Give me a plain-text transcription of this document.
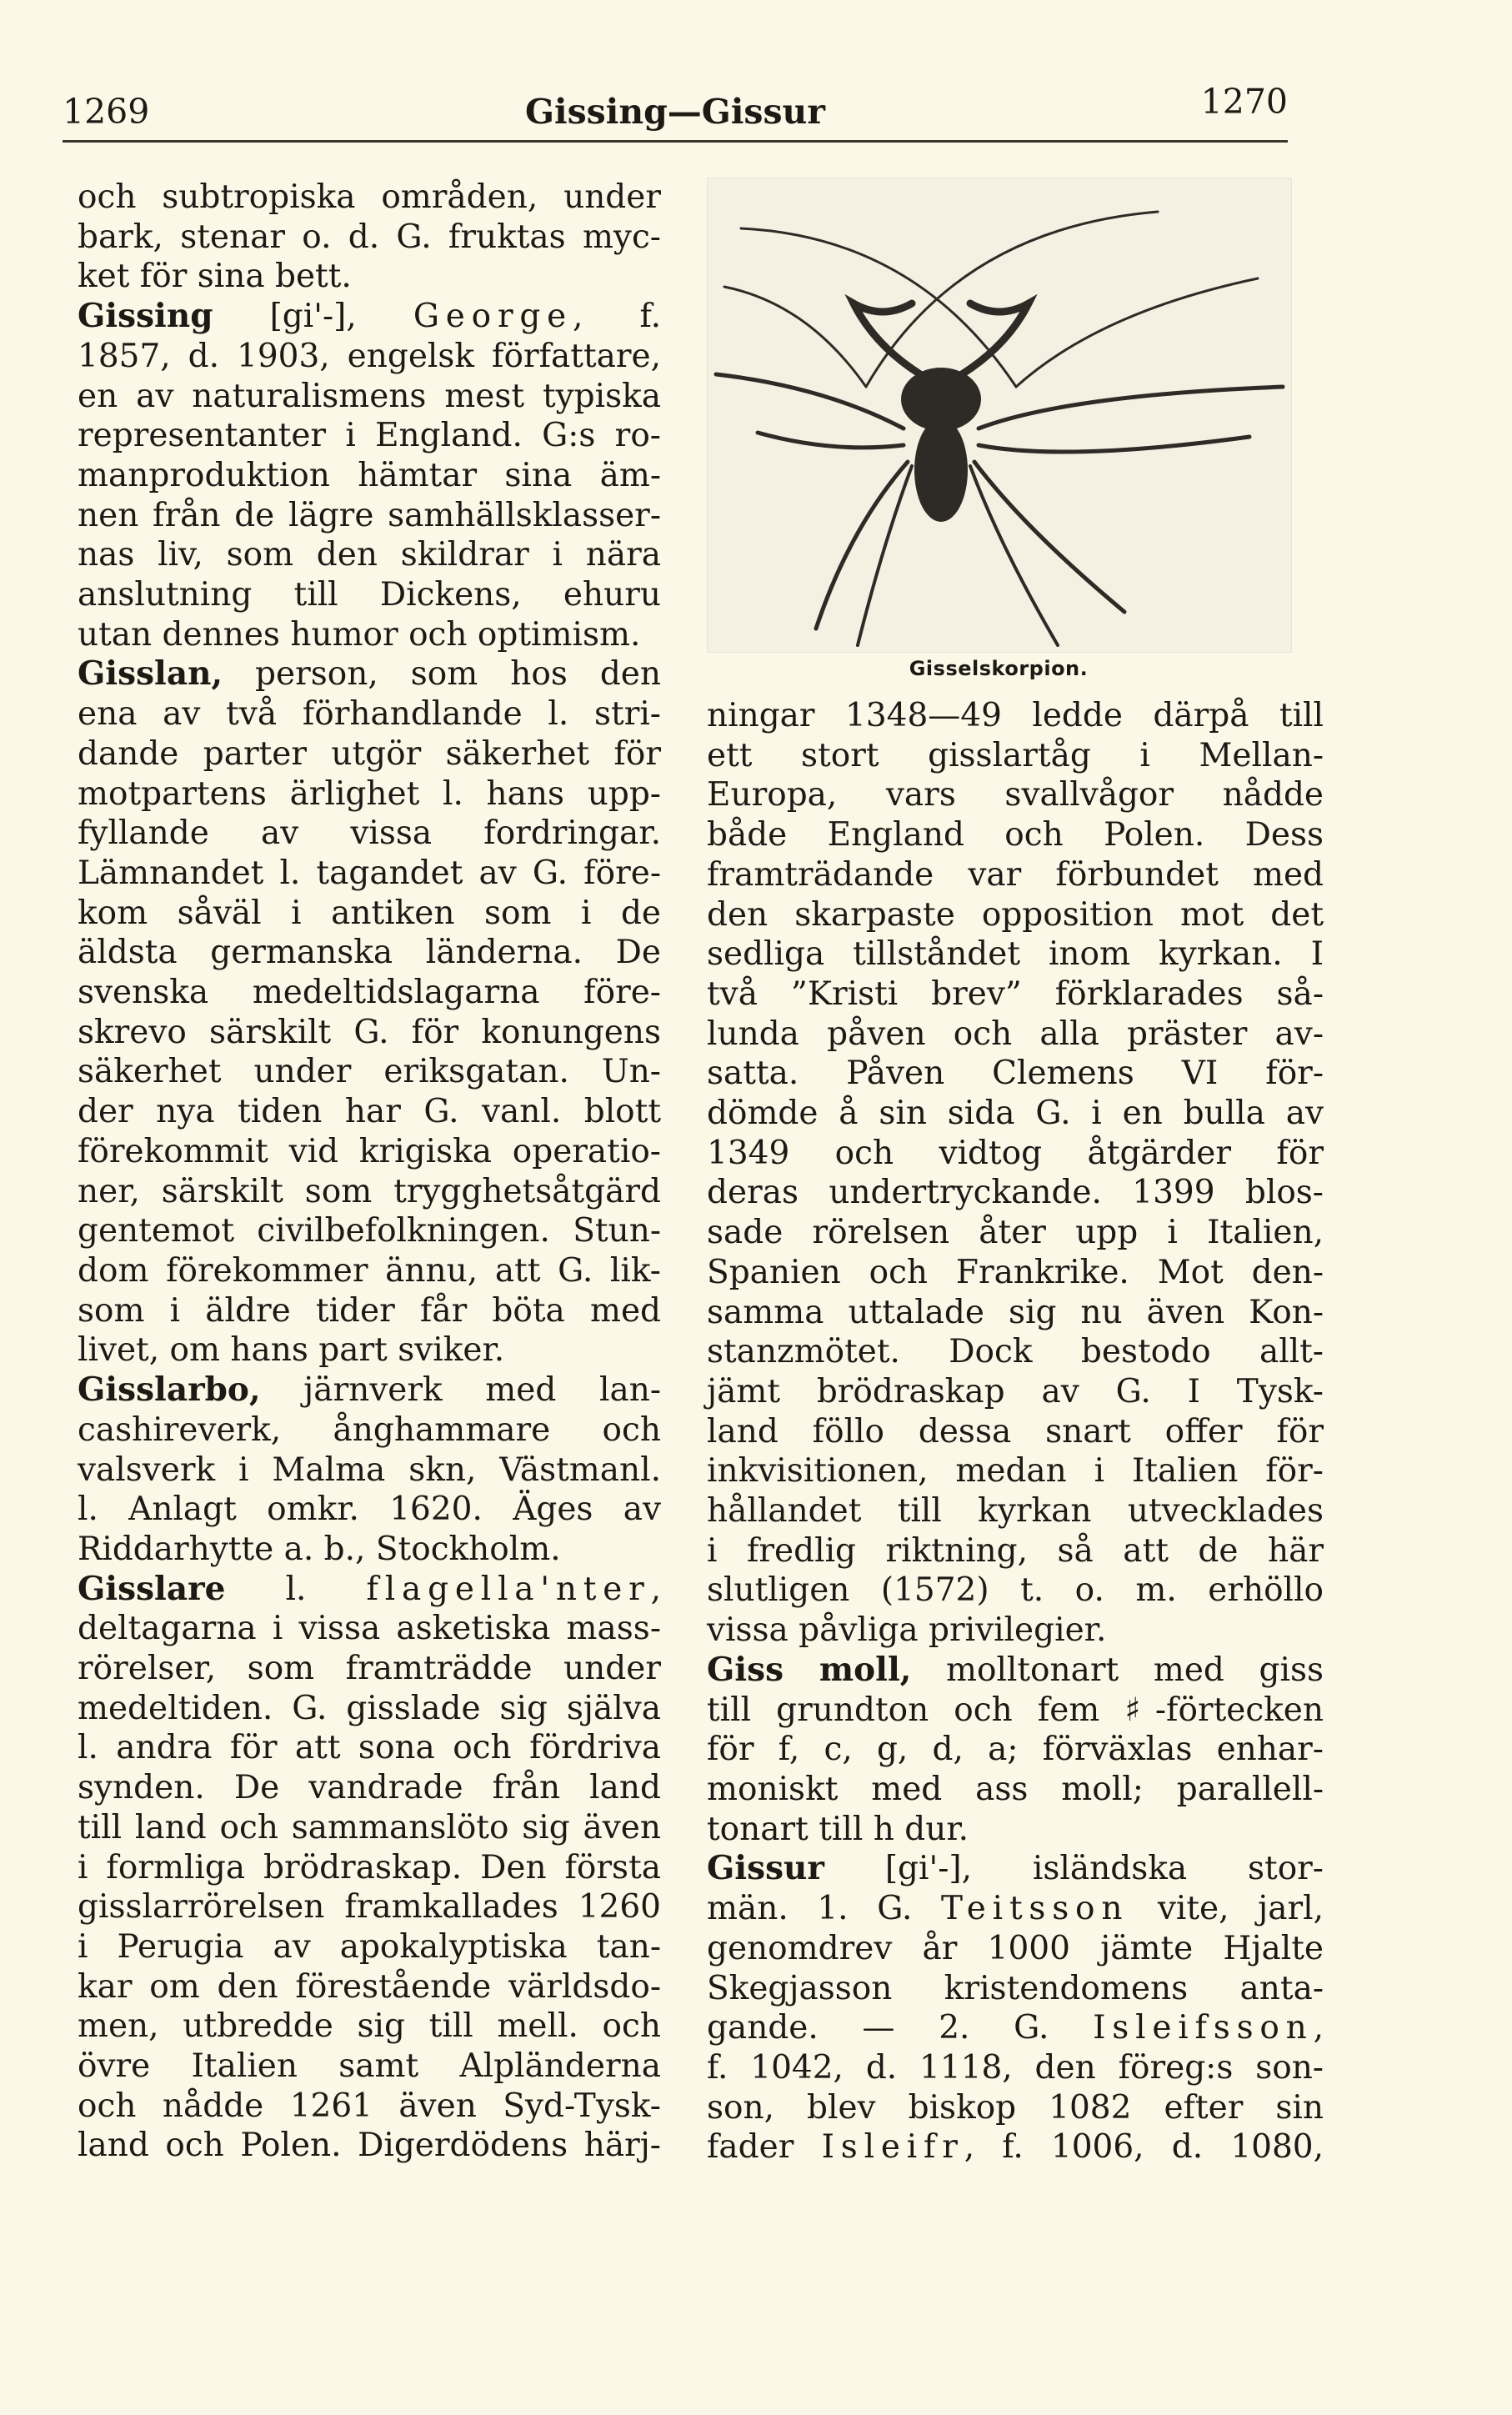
1269	Gissing—Gissur	1270
och subtropiska områden, under
bark, stenar o. d. G. fruktas myc-
ket för sina bett.
Gissing [gi'-], George, f.
1857, d. 1903, engelsk författare,
en av naturalismens mest typiska
representanter i England. G:s ro-
manproduktion hämtar sina äm-
nen från de lägre samhällsklasser-
nas liv, som den skildrar i nära
anslutning till Dickens, ehuru
utan dennes humor och optimism.
Gisslan, person, som hos den
ena av två förhandlande l. stri-
dande parter utgör säkerhet för
motpartens ärlighet l. hans upp-
fyllande av vissa fordringar.
Lämnandet l. tagandet av G. före-
kom såväl i antiken som i de
äldsta germanska länderna. De
svenska medeltidslagarna före-
skrevo särskilt G. för konungens
säkerhet under eriksgatan. Un-
der nya tiden har G. vanl. blott
förekommit vid krigiska operatio-
ner, särskilt som trygghetsåtgärd
gentemot civilbefolkningen. Stun-
dom förekommer ännu, att G. lik-
som i äldre tider får böta med
livet, om hans part sviker.
Gisslarbo, järnverk med lan-
cashireverk, ånghammare och
valsverk i Malma skn, Västmanl.
l. Anlagt omkr. 1620. Äges av
Riddarhytte a. b., Stockholm.
Gisslare l. flagella'nter,
deltagarna i vissa asketiska mass-
rörelser, som framträdde under
medeltiden. G. gisslade sig själva
l. andra för att sona och fördriva
synden. De vandrade från land
till land och sammanslöto sig även
i formliga brödraskap. Den första
gisslarrörelsen framkallades 1260
i Perugia av apokalyptiska tan-
kar om den förestående världsdo-
men, utbredde sig till mell. och
övre Italien samt Alpländerna
och nådde 1261 även Syd-Tysk-
land och Polen. Digerdödens härj-
Gisselskorpion.
ningar 1348—49 ledde därpå till
ett stort gisslartåg i Mellan-
Europa, vars svallvågor nådde
både England och Polen. Dess
framträdande var förbundet med
den skarpaste opposition mot det
sedliga tillståndet inom kyrkan. I
två ”Kristi brev” förklarades så-
lunda påven och alla präster av-
satta. Påven Clemens VI för-
dömde å sin sida G. i en bulla av
1349 och vidtog åtgärder för
deras undertryckande. 1399 blos-
sade rörelsen åter upp i Italien,
Spanien och Frankrike. Mot den-
samma uttalade sig nu även Kon-
stanzmötet. Dock bestodo allt-
jämt brödraskap av G. I Tysk-
land föllo dessa snart offer för
inkvisitionen, medan i Italien för-
hållandet till kyrkan utvecklades
i fredlig riktning, så att de här
slutligen (1572) t. o. m. erhöllo
vissa påvliga privilegier.
Giss moll, molltonart med giss
till grundton och fem ♯-förtecken
för f, c, g, d, a; förväxlas enhar-
moniskt med ass moll; parallell-
tonart till h dur.
Gissur [gi'-], isländska stor-
män. 1. G. Teitsson vite, jarl,
genomdrev år 1000 jämte Hjalte
Skegjasson kristendomens anta-
gande. — 2. G. Isleifsson,
f. 1042, d. 1118, den föreg:s son-
son, blev biskop 1082 efter sin
fader Isleifr, f. 1006, d. 1080,
